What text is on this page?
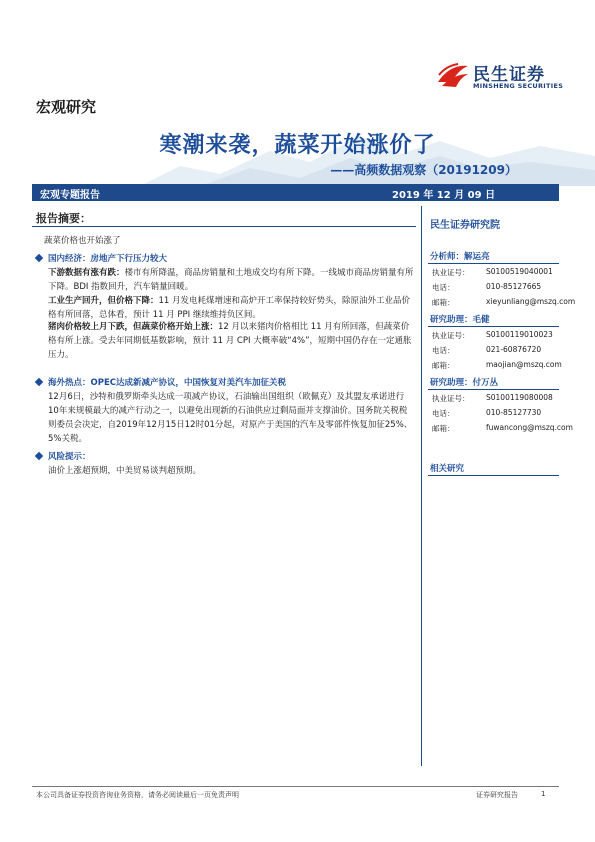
民生证券
MINSHENG SECURITIES
宏观研究
寒潮来袭，蔬菜开始涨价了
——高频数据观察（20191209）
宏观专题报告	2019 年 12 月 09 日
报告摘要：
蔬菜价格也开始涨了
国内经济：房地产下行压力较大
下游数据有涨有跌：楼市有所降温，商品房销量和土地成交均有所下降。一线城市商品房销量有所下降。BDI 指数回升，汽车销量回暖。
工业生产回升，但价格下降：11 月发电耗煤增速和高炉开工率保持较好势头，除原油外工业品价格有所回落，总体看，预计 11 月 PPI 继续维持负区间。
猪肉价格较上月下跌，但蔬菜价格开始上涨：12 月以来猪肉价格相比 11 月有所回落，但蔬菜价格有所上涨。受去年同期低基数影响，预计 11 月 CPI 大概率破“4%”，短期中国仍存在一定通胀压力。
海外热点：OPEC达成新减产协议，中国恢复对美汽车加征关税
12月6日，沙特和俄罗斯牵头达成一项减产协议，石油输出国组织（欧佩克）及其盟友承诺进行10年来规模最大的减产行动之一，以避免出现新的石油供应过剩局面并支撑油价。国务院关税税则委员会决定，自2019年12月15日12时01分起，对原产于美国的汽车及零部件恢复加征25%、5%关税。
风险提示：
油价上涨超预期，中美贸易谈判超预期。
民生证券研究院
分析师：解运亮
执业证号： S0100519040001
电话：	010-85127665
邮箱：	xieyunliang@mszq.com
研究助理：毛健
执业证号： S0100119010023
电话：	021-60876720
邮箱：	maojian@mszq.com
研究助理：付万丛
执业证号： S0100119080008
电话：	010-85127730
邮箱：	fuwancong@mszq.com
相关研究
本公司具备证券投资咨询业务资格，请务必阅读最后一页免责声明	证券研究报告	1
